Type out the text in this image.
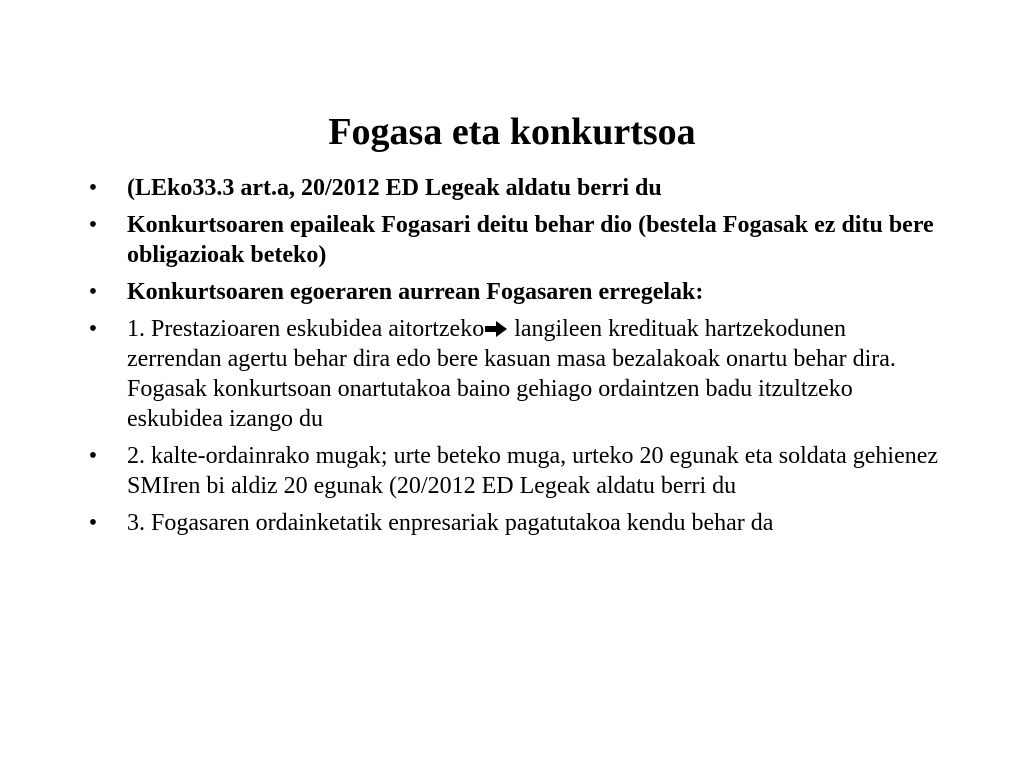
Fogasa eta konkurtsoa
• (LEko33.3 art.a, 20/2012 ED Legeak aldatu berri du
• Konkurtsoaren epaileak Fogasari deitu behar dio (bestela Fogasak ez ditu bere obligazioak beteko)
• Konkurtsoaren egoeraren aurrean Fogasaren erregelak:
• 1. Prestazioaren eskubidea aitortzeko langileen kredituak hartzekodunen zerrendan agertu behar dira edo bere kasuan masa bezalakoak onartu behar dira. Fogasak konkurtsoan onartutakoa baino gehiago ordaintzen badu itzultzeko eskubidea izango du
• 2. kalte-ordainrako mugak; urte beteko muga, urteko 20 egunak eta soldata gehienez SMIren bi aldiz 20 egunak (20/2012 ED Legeak aldatu berri du
• 3. Fogasaren ordainketatik enpresariak pagatutakoa kendu behar da
